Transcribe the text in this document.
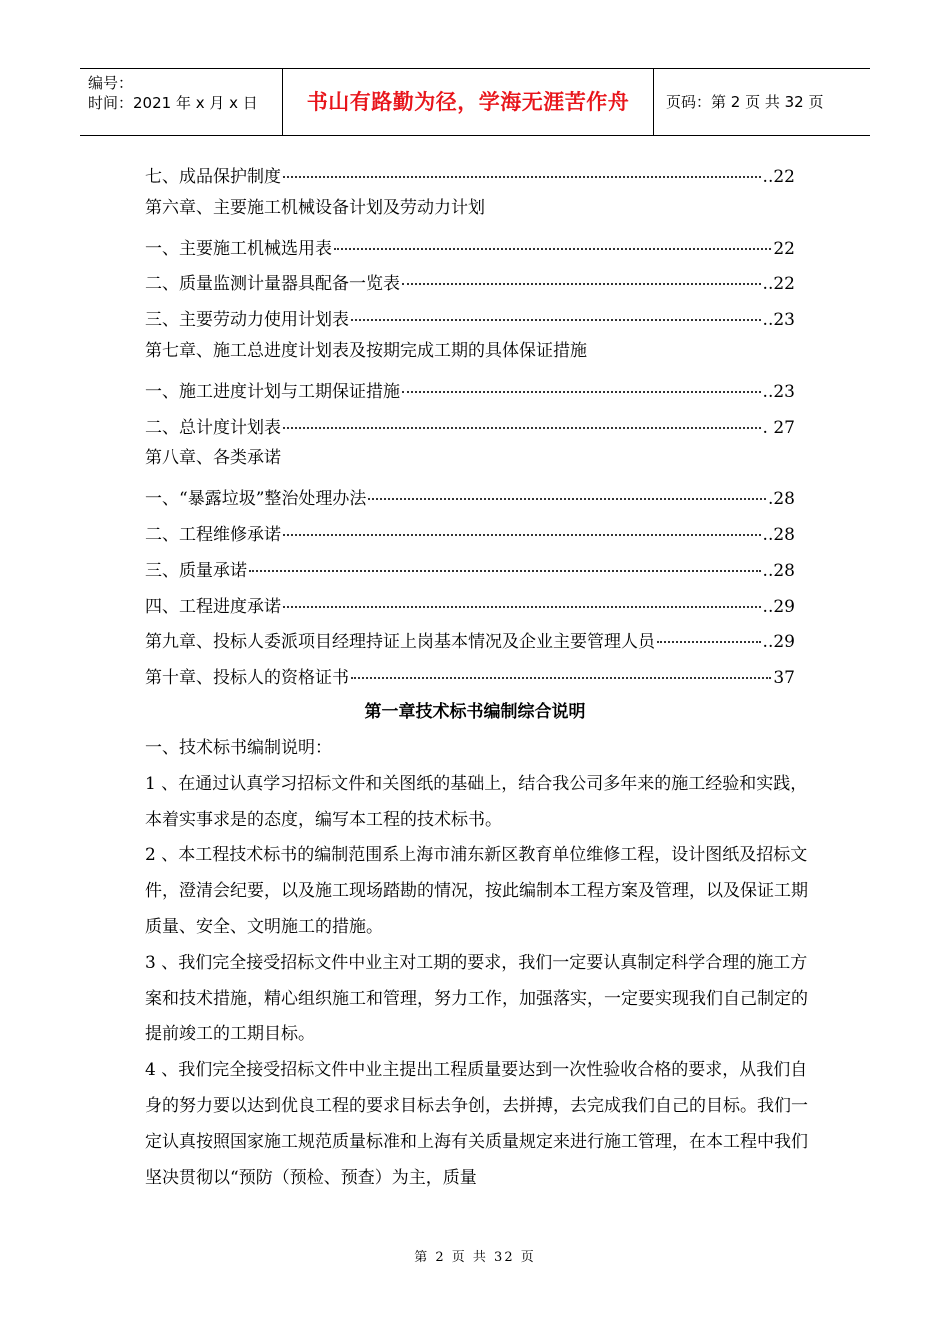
编号：
时间：2021 年 x 月 x 日	书山有路勤为径，学海无涯苦作舟	页码：第 2 页 共 32 页
七、成品保护制度	..22
第六章、主要施工机械设备计划及劳动力计划
一、主要施工机械选用表	22
二、质量监测计量器具配备一览表	..22
三、主要劳动力使用计划表	..23
第七章、施工总进度计划表及按期完成工期的具体保证措施
一、施工进度计划与工期保证措施	..23
二、总计度计划表	. 27
第八章、各类承诺
一、“暴露垃圾”整治处理办法	.28
二、工程维修承诺	..28
三、质量承诺	..28
四、工程进度承诺	..29
第九章、投标人委派项目经理持证上岗基本情况及企业主要管理人员	..29
第十章、投标人的资格证书	37
第一章技术标书编制综合说明

一、技术标书编制说明：

1 、在通过认真学习招标文件和关图纸的基础上，结合我公司多年来的施工经验和实践，本着实事求是的态度，编写本工程的技术标书。

2 、本工程技术标书的编制范围系上海市浦东新区教育单位维修工程，设计图纸及招标文件，澄清会纪要，以及施工现场踏勘的情况，按此编制本工程方案及管理，以及保证工期质量、安全、文明施工的措施。

3 、我们完全接受招标文件中业主对工期的要求，我们一定要认真制定科学合理的施工方案和技术措施，精心组织施工和管理，努力工作，加强落实，一定要实现我们自己制定的提前竣工的工期目标。

4 、我们完全接受招标文件中业主提出工程质量要达到一次性验收合格的要求，从我们自身的努力要以达到优良工程的要求目标去争创，去拼搏，去完成我们自己的目标。我们一定认真按照国家施工规范质量标准和上海有关质量规定来进行施工管理，在本工程中我们坚决贯彻以“预防（预检、预查）为主，质量

第 2 页 共 32 页
